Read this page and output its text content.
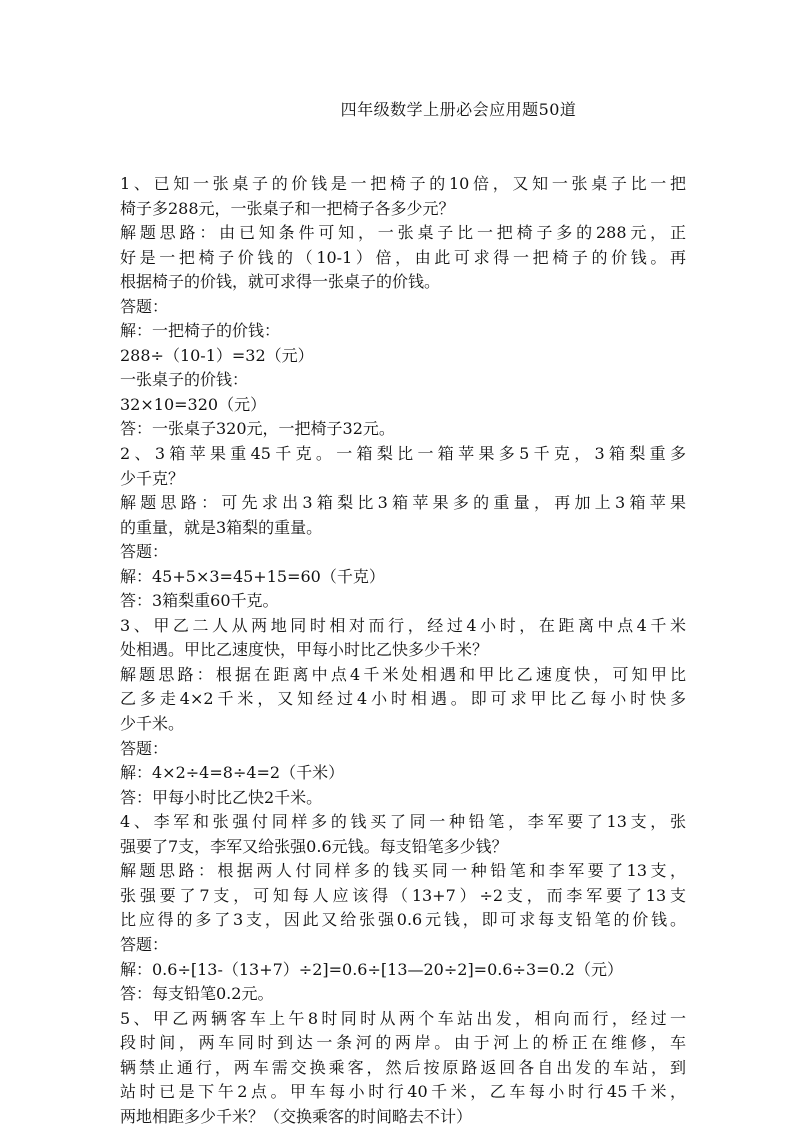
四年级数学上册必会应用题50道
1、已知一张桌子的价钱是一把椅子的10倍，又知一张桌子比一把
椅子多288元，一张桌子和一把椅子各多少元？
解题思路：由已知条件可知，一张桌子比一把椅子多的288元，正
好是一把椅子价钱的（10-1）倍，由此可求得一把椅子的价钱。再
根据椅子的价钱，就可求得一张桌子的价钱。
答题：
解：一把椅子的价钱：
288÷（10-1）=32（元）
一张桌子的价钱：
32×10=320（元）
答：一张桌子320元，一把椅子32元。
2、3箱苹果重45千克。一箱梨比一箱苹果多5千克，3箱梨重多
少千克？
解题思路：可先求出3箱梨比3箱苹果多的重量，再加上3箱苹果
的重量，就是3箱梨的重量。
答题：
解：45+5×3=45+15=60（千克）
答：3箱梨重60千克。
3、甲乙二人从两地同时相对而行，经过4小时，在距离中点4千米
处相遇。甲比乙速度快，甲每小时比乙快多少千米？
解题思路：根据在距离中点4千米处相遇和甲比乙速度快，可知甲比
乙多走4×2千米，又知经过4小时相遇。即可求甲比乙每小时快多
少千米。
答题：
解：4×2÷4=8÷4=2（千米）
答：甲每小时比乙快2千米。
4、李军和张强付同样多的钱买了同一种铅笔，李军要了13支，张
强要了7支，李军又给张强0.6元钱。每支铅笔多少钱？
解题思路：根据两人付同样多的钱买同一种铅笔和李军要了13支，
张强要了7支，可知每人应该得（13+7）÷2支，而李军要了13支
比应得的多了3支，因此又给张强0.6元钱，即可求每支铅笔的价钱。
答题：
解：0.6÷[13-（13+7）÷2]=0.6÷[13—20÷2]=0.6÷3=0.2（元）
答：每支铅笔0.2元。
5、甲乙两辆客车上午8时同时从两个车站出发，相向而行，经过一
段时间，两车同时到达一条河的两岸。由于河上的桥正在维修，车
辆禁止通行，两车需交换乘客，然后按原路返回各自出发的车站，到
站时已是下午2点。甲车每小时行40千米，乙车每小时行45千米，
两地相距多少千米？（交换乘客的时间略去不计）
